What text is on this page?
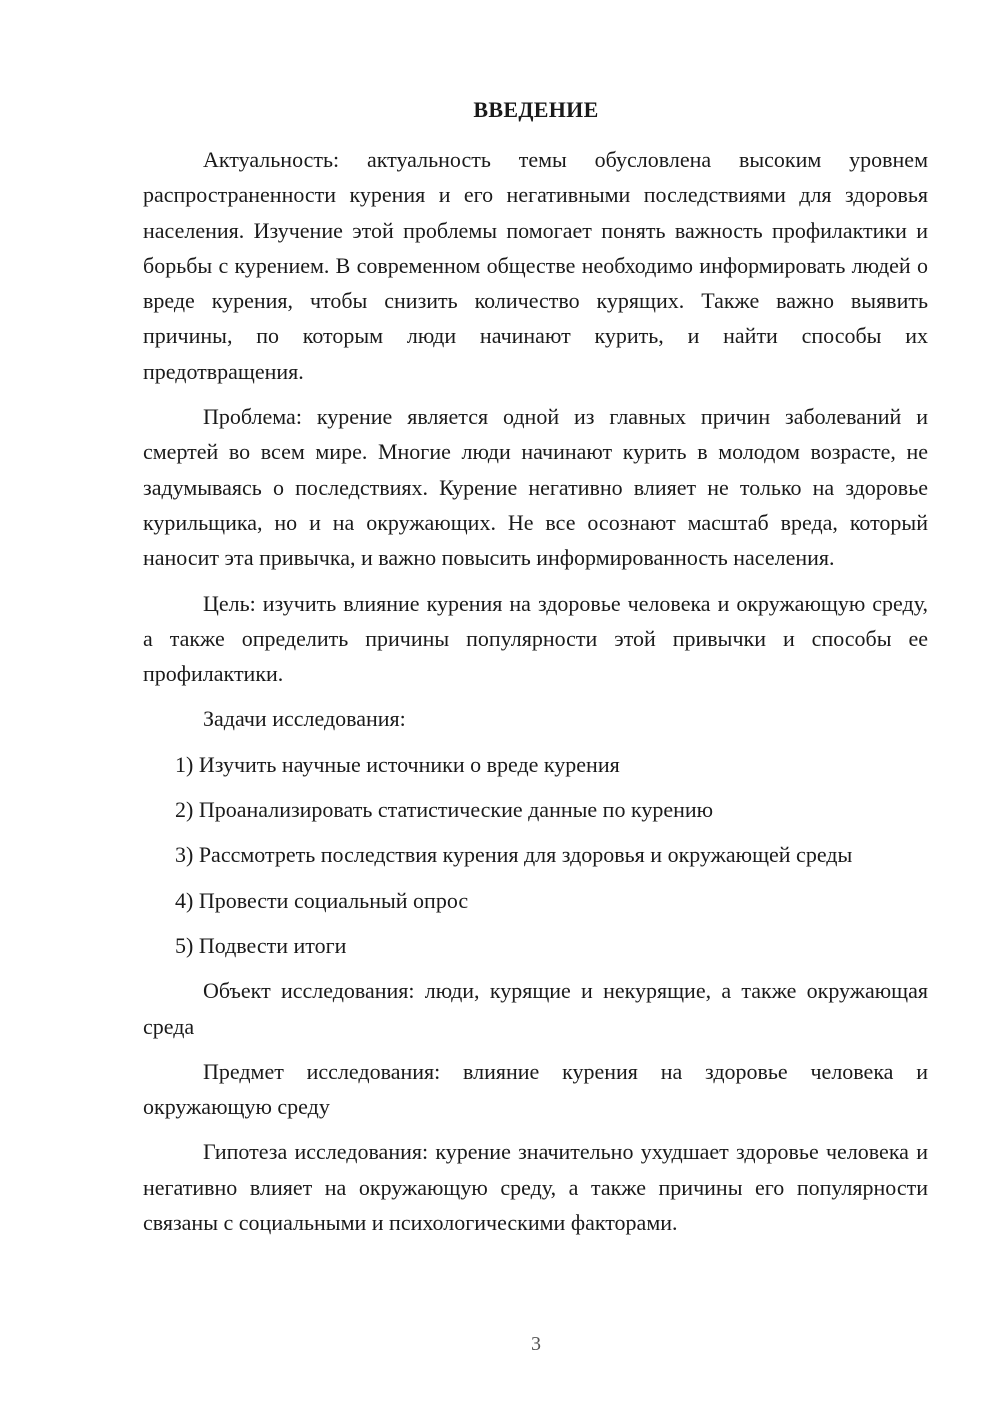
ВВЕДЕНИЕ

Актуальность: актуальность темы обусловлена высоким уровнем распространенности курения и его негативными последствиями для здоровья населения. Изучение этой проблемы помогает понять важность профилактики и борьбы с курением. В современном обществе необходимо информировать людей о вреде курения, чтобы снизить количество курящих. Также важно выявить причины, по которым люди начинают курить, и найти способы их предотвращения.

Проблема: курение является одной из главных причин заболеваний и смертей во всем мире. Многие люди начинают курить в молодом возрасте, не задумываясь о последствиях. Курение негативно влияет не только на здоровье курильщика, но и на окружающих. Не все осознают масштаб вреда, который наносит эта привычка, и важно повысить информированность населения.

Цель: изучить влияние курения на здоровье человека и окружающую среду, а также определить причины популярности этой привычки и способы ее профилактики.

Задачи исследования:

1) Изучить научные источники о вреде курения

2) Проанализировать статистические данные по курению

3) Рассмотреть последствия курения для здоровья и окружающей среды

4) Провести социальный опрос

5) Подвести итоги

Объект исследования: люди, курящие и некурящие, а также окружающая среда

Предмет исследования: влияние курения на здоровье человека и окружающую среду

Гипотеза исследования: курение значительно ухудшает здоровье человека и негативно влияет на окружающую среду, а также причины его популярности связаны с социальными и психологическими факторами.

3
